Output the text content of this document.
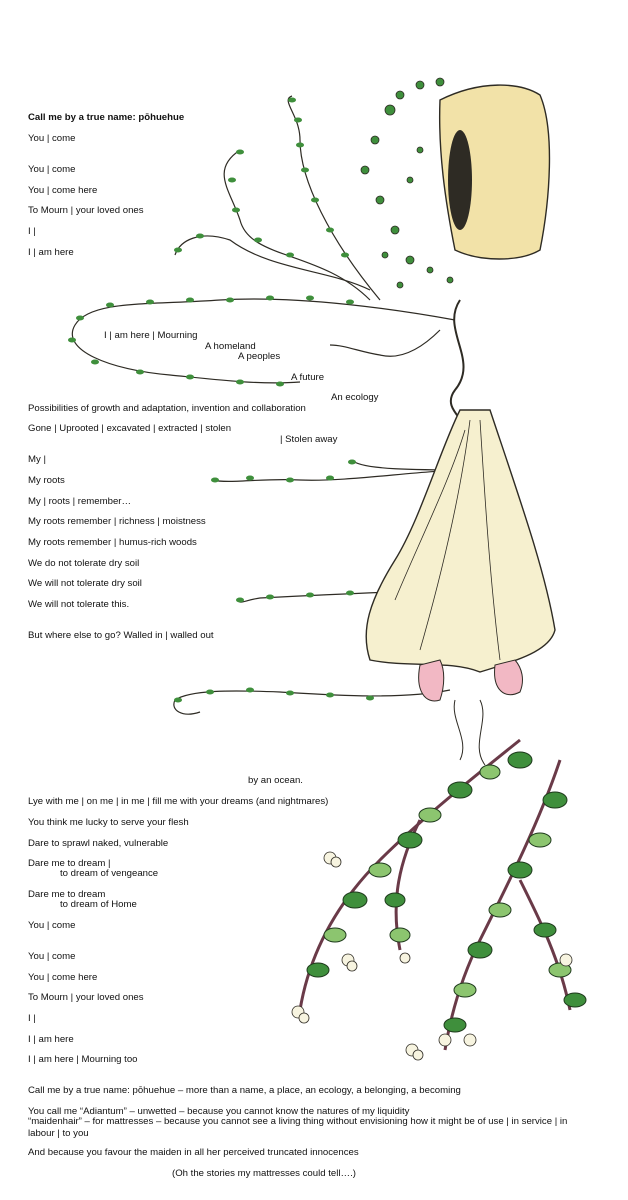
Call me by a true name: pōhuehue

You | come

You | come

You | come here

To Mourn | your loved ones

I |

I | am here

I | am here | Mourning

A homeland

A peoples

A future

An ecology

Possibilities of growth and adaptation, invention and collaboration

Gone | Uprooted | excavated | extracted | stolen

| Stolen away

My |

My roots

My | roots | remember…

My roots remember | richness | moistness

My roots remember | humus-rich woods

We do not tolerate dry soil

We will not tolerate dry soil

We will not tolerate this.

But where else to go? Walled in | walled out

by an ocean.

Lye with me | on me | in me | fill me with your dreams (and nightmares)

You think me lucky to serve your flesh

Dare to sprawl naked, vulnerable

Dare me to dream |

to dream of vengeance

Dare me to dream

to dream of Home

You | come

You | come

You | come here

To Mourn | your loved ones

I |

I | am here

I | am here | Mourning too

Call me by a true name: pōhuehue – more than a name, a place, an ecology, a belonging, a becoming

You call me “Adiantum” – unwetted – because you cannot know the natures of my liquidity

“maidenhair” – for mattresses – because you cannot see a living thing without envisioning how it might be of use | in service | in labour | to you

And because you favour the maiden in all her perceived truncated innocences

(Oh the stories my mattresses could tell….)
